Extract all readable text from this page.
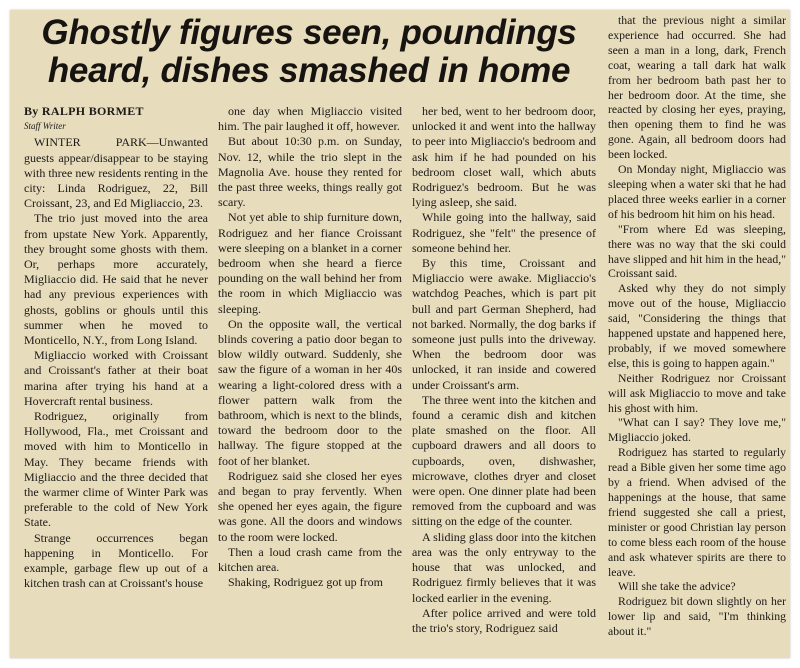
Ghostly figures seen, poundings heard, dishes smashed in home

By RALPH BORMET

Staff Writer

WINTER PARK—Unwanted guests appear/disappear to be staying with three new residents renting in the city: Linda Rodriguez, 22, Bill Croissant, 23, and Ed Migliaccio, 23.

The trio just moved into the area from upstate New York. Apparently, they brought some ghosts with them. Or, perhaps more accurately, Migliaccio did. He said that he never had any previous experiences with ghosts, goblins or ghouls until this summer when he moved to Monticello, N.Y., from Long Island.

Migliaccio worked with Croissant and Croissant's father at their boat marina after trying his hand at a Hovercraft rental business.

Rodriguez, originally from Hollywood, Fla., met Croissant and moved with him to Monticello in May. They became friends with Migliaccio and the three decided that the warmer clime of Winter Park was preferable to the cold of New York State.

Strange occurrences began happening in Monticello. For example, garbage flew up out of a kitchen trash can at Croissant's house

one day when Migliaccio visited him. The pair laughed it off, however.

But about 10:30 p.m. on Sunday, Nov. 12, while the trio slept in the Magnolia Ave. house they rented for the past three weeks, things really got scary.

Not yet able to ship furniture down, Rodriguez and her fiance Croissant were sleeping on a blanket in a corner bedroom when she heard a fierce pounding on the wall behind her from the room in which Migliaccio was sleeping.

On the opposite wall, the vertical blinds covering a patio door began to blow wildly outward. Suddenly, she saw the figure of a woman in her 40s wearing a light-colored dress with a flower pattern walk from the bathroom, which is next to the blinds, toward the bedroom door to the hallway. The figure stopped at the foot of her blanket.

Rodriguez said she closed her eyes and began to pray fervently. When she opened her eyes again, the figure was gone. All the doors and windows to the room were locked.

Then a loud crash came from the kitchen area.

Shaking, Rodriguez got up from

her bed, went to her bedroom door, unlocked it and went into the hallway to peer into Migliaccio's bedroom and ask him if he had pounded on his bedroom closet wall, which abuts Rodriguez's bedroom. But he was lying asleep, she said.

While going into the hallway, said Rodriguez, she "felt" the presence of someone behind her.

By this time, Croissant and Migliaccio were awake. Migliaccio's watchdog Peaches, which is part pit bull and part German Shepherd, had not barked. Normally, the dog barks if someone just pulls into the driveway. When the bedroom door was unlocked, it ran inside and cowered under Croissant's arm.

The three went into the kitchen and found a ceramic dish and kitchen plate smashed on the floor. All cupboard drawers and all doors to cupboards, oven, dishwasher, microwave, clothes dryer and closet were open. One dinner plate had been removed from the cupboard and was sitting on the edge of the counter.

A sliding glass door into the kitchen area was the only entryway to the house that was unlocked, and Rodriguez firmly believes that it was locked earlier in the evening.

After police arrived and were told the trio's story, Rodriguez said

that the previous night a similar experience had occurred. She had seen a man in a long, dark, French coat, wearing a tall dark hat walk from her bedroom bath past her to her bedroom door. At the time, she reacted by closing her eyes, praying, then opening them to find he was gone. Again, all bedroom doors had been locked.

On Monday night, Migliaccio was sleeping when a water ski that he had placed three weeks earlier in a corner of his bedroom hit him on his head.

"From where Ed was sleeping, there was no way that the ski could have slipped and hit him in the head," Croissant said.

Asked why they do not simply move out of the house, Migliaccio said, "Considering the things that happened upstate and happened here, probably, if we moved somewhere else, this is going to happen again."

Neither Rodriguez nor Croissant will ask Migliaccio to move and take his ghost with him.

"What can I say? They love me," Migliaccio joked.

Rodriguez has started to regularly read a Bible given her some time ago by a friend. When advised of the happenings at the house, that same friend suggested she call a priest, minister or good Christian lay person to come bless each room of the house and ask whatever spirits are there to leave.

Will she take the advice?

Rodriguez bit down slightly on her lower lip and said, "I'm thinking about it."
